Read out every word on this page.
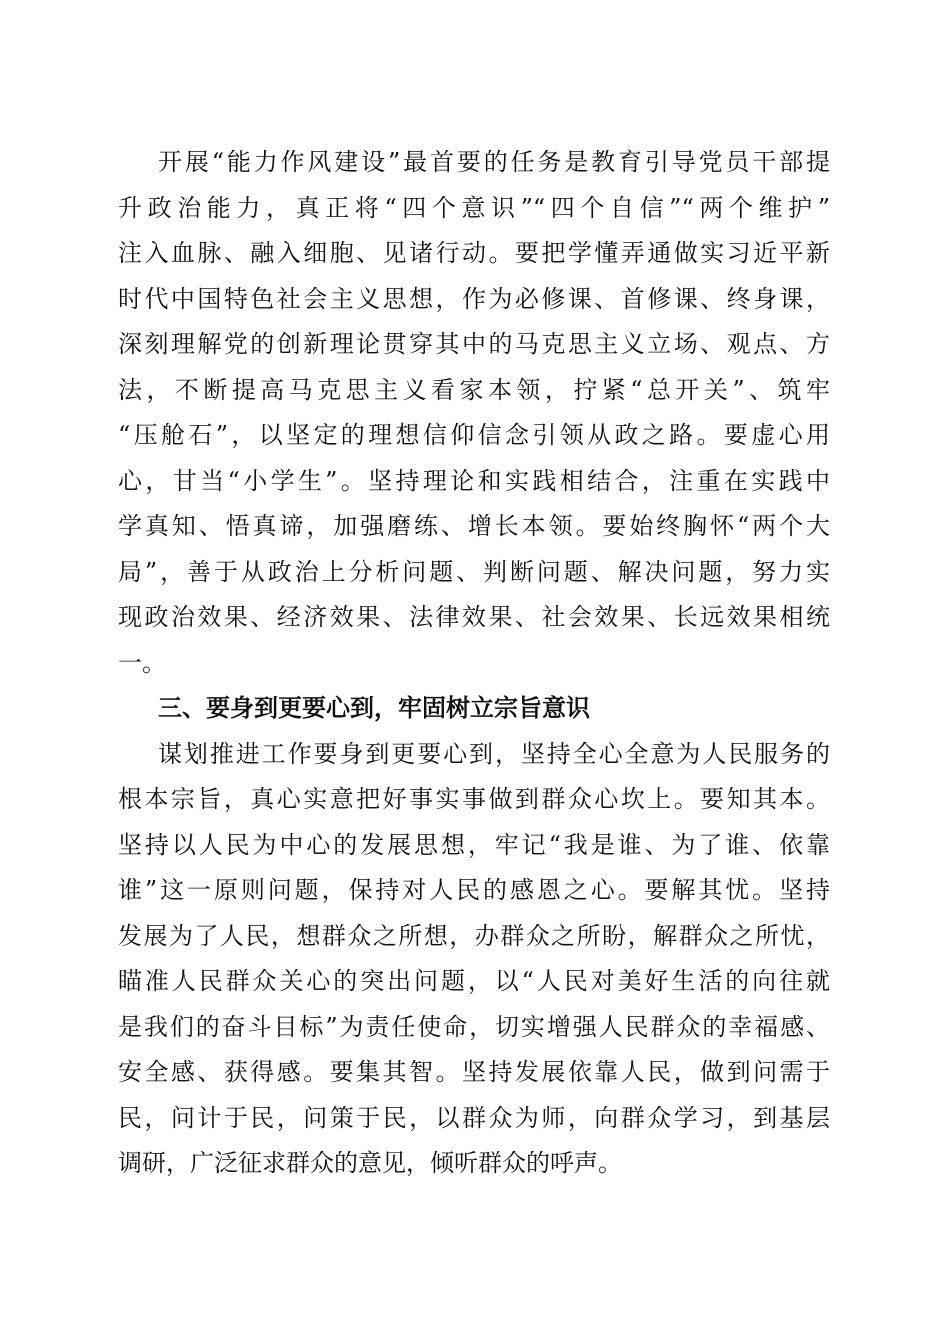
开展“能力作风建设”最首要的任务是教育引导党员干部提
升政治能力，真正将“四个意识”“四个自信”“两个维护”
注入血脉、融入细胞、见诸行动。要把学懂弄通做实习近平新
时代中国特色社会主义思想，作为必修课、首修课、终身课，
深刻理解党的创新理论贯穿其中的马克思主义立场、观点、方
法，不断提高马克思主义看家本领，拧紧“总开关”、筑牢
“压舱石”，以坚定的理想信仰信念引领从政之路。要虚心用
心，甘当“小学生”。坚持理论和实践相结合，注重在实践中
学真知、悟真谛，加强磨练、增长本领。要始终胸怀“两个大
局”，善于从政治上分析问题、判断问题、解决问题，努力实
现政治效果、经济效果、法律效果、社会效果、长远效果相统
一。
三、要身到更要心到，牢固树立宗旨意识
谋划推进工作要身到更要心到，坚持全心全意为人民服务的
根本宗旨，真心实意把好事实事做到群众心坎上。要知其本。
坚持以人民为中心的发展思想，牢记“我是谁、为了谁、依靠
谁”这一原则问题，保持对人民的感恩之心。要解其忧。坚持
发展为了人民，想群众之所想，办群众之所盼，解群众之所忧，
瞄准人民群众关心的突出问题，以“人民对美好生活的向往就
是我们的奋斗目标”为责任使命，切实增强人民群众的幸福感、
安全感、获得感。要集其智。坚持发展依靠人民，做到问需于
民，问计于民，问策于民，以群众为师，向群众学习，到基层
调研，广泛征求群众的意见，倾听群众的呼声。
